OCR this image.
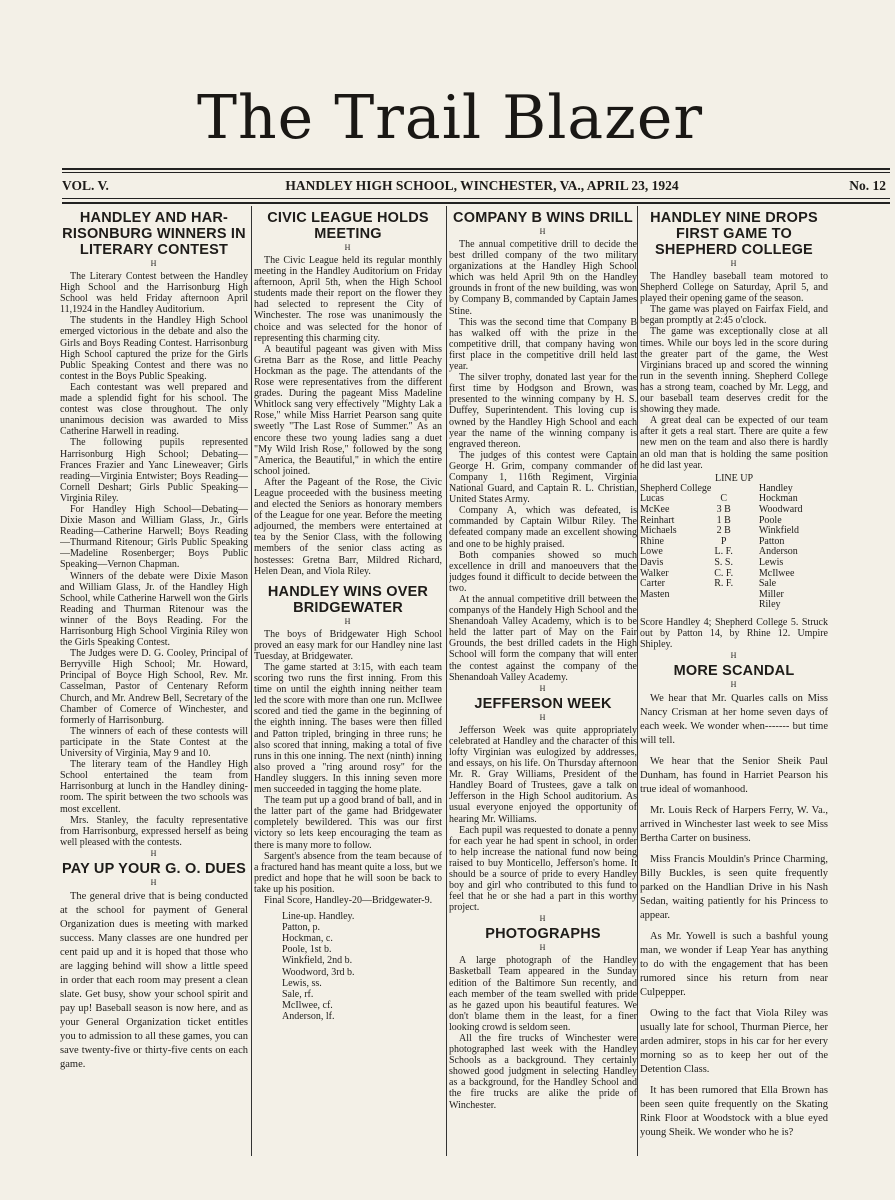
The Trail Blazer
VOL. V.	HANDLEY HIGH SCHOOL, WINCHESTER, VA., APRIL 23, 1924	No. 12
HANDLEY AND HAR-RISONBURG WINNERS IN LITERARY CONTEST
H

The Literary Contest between the Handley High School and the Harrisonburg High School was held Friday afternoon April 11,1924 in the Handley Auditorium.

The students in the Handley High School emerged victorious in the debate and also the Girls and Boys Reading Contest. Harrisonburg High School captured the prize for the Girls Public Speaking Contest and there was no contest in the Boys Public Speaking.

Each contestant was well prepared and made a splendid fight for his school. The contest was close throughout. The only unanimous decision was awarded to Miss Catherine Harwell in reading.

The following pupils represented Harrisonburg High School; Debating—Frances Frazier and Yanc Lineweaver; Girls reading—Virginia Entwister; Boys Reading—Cornell Deshart; Girls Public Speaking—Virginia Riley.

For Handley High School—Debating—Dixie Mason and William Glass, Jr., Girls Reading—Catherine Harwell; Boys Reading—Thurmand Ritenour; Girls Public Speaking—Madeline Rosenberger; Boys Public Speaking—Vernon Chapman.

Winners of the debate were Dixie Mason and William Glass, Jr. of the Handley High School, while Catherine Harwell won the Girls Reading and Thurman Ritenour was the winner of the Boys Reading. For the Harrisonburg High School Virginia Riley won the Girls Speaking Contest.

The Judges were D. G. Cooley, Principal of Berryville High School; Mr. Howard, Principal of Boyce High School, Rev. Mr. Casselman, Pastor of Centenary Reform Church, and Mr. Andrew Bell, Secretary of the Chamber of Comerce of Winchester, and formerly of Harrisonburg.

The winners of each of these contests will participate in the State Contest at the University of Virginia, May 9 and 10.

The literary team of the Handley High School entertained the team from Harrisonburg at lunch in the Handley dining-room. The spirit between the two schools was most excellent.

Mrs. Stanley, the faculty representative from Harrisonburg, expressed herself as being well pleased with the contests.

H
PAY UP YOUR G. O. DUES
H

The general drive that is being conducted at the school for payment of General Organization dues is meeting with marked success. Many classes are one hundred per cent paid up and it is hoped that those who are lagging behind will show a little speed in order that each room may present a clean slate. Get busy, show your school spirit and pay up! Baseball season is now here, and as your General Organization ticket entitles you to admission to all these games, you can save twenty-five or thirty-five cents on each game.

CIVIC LEAGUE HOLDS MEETING
H

The Civic League held its regular monthly meeting in the Handley Auditorium on Friday afternoon, April 5th, when the High School students made their report on the flower they had selected to represent the City of Winchester. The rose was unanimously the choice and was selected for the honor of representing this charming city.

A beautiful pageant was given with Miss Gretna Barr as the Rose, and little Peachy Hockman as the page. The attendants of the Rose were representatives from the different grades. During the pageant Miss Madeline Whitlock sang very effectively "Mighty Lak a Rose," while Miss Harriet Pearson sang quite sweetly "The Last Rose of Summer." As an encore these two young ladies sang a duet "My Wild Irish Rose," followed by the song "America, the Beautiful," in which the entire school joined.

After the Pageant of the Rose, the Civic League proceeded with the business meeting and elected the Seniors as honorary members of the League for one year. Before the meeting adjourned, the members were entertained at tea by the Senior Class, with the following members of the senior class acting as hostesses: Gretna Barr, Mildred Richard, Helen Dean, and Viola Riley.

HANDLEY WINS OVER BRIDGEWATER
H

The boys of Bridgewater High School proved an easy mark for our Handley nine last Tuesday, at Bridgewater.

The game started at 3:15, with each team scoring two runs the first inning. From this time on until the eighth inning neither team led the score with more than one run. McIlwee scored and tied the game in the beginning of the eighth inning. The bases were then filled and Patton tripled, bringing in three runs; he also scored that inning, making a total of five runs in this one inning. The next (ninth) inning also proved a "ring around rosy" for the Handley sluggers. In this inning seven more men succeeded in tagging the home plate.

The team put up a good brand of ball, and in the latter part of the game had Bridgewater completely bewildered. This was our first victory so lets keep encouraging the team as there is many more to follow.

Sargent's absence from the team because of a fractured hand has meant quite a loss, but we predict and hope that he will soon be back to take up his position.

Final Score, Handley-20—Bridgewater-9.

Line-up. Handley.

Patton, p.

Hockman, c.

Poole, 1st b.

Winkfield, 2nd b.

Woodword, 3rd b.

Lewis, ss.

Sale, rf.

McIlwee, cf.

Anderson, lf.

COMPANY B WINS DRILL
H

The annual competitive drill to decide the best drilled company of the two military organizations at the Handley High School which was held April 9th on the Handley grounds in front of the new building, was won by Company B, commanded by Captain James Stine.

This was the second time that Company B has walked off with the prize in the competitive drill, that company having won first place in the competitive drill held last year.

The silver trophy, donated last year for the first time by Hodgson and Brown, was presented to the winning company by H. S. Duffey, Superintendent. This loving cup is owned by the Handley High School and each year the name of the winning company is engraved thereon.

The judges of this contest were Captain George H. Grim, company commander of Company 1, 116th Regiment, Virginia National Guard, and Captain R. L. Christian, United States Army.

Company A, which was defeated, is commanded by Captain Wilbur Riley. The defeated company made an excellent showing and one to be highly praised.

Both companies showed so much excellence in drill and manoeuvers that the judges found it difficult to decide between the two.

At the annual competitive drill between the companys of the Handely High School and the Shenandoah Valley Academy, which is to be held the latter part of May on the Fair Grounds, the best drilled cadets in the High School will form the company that will enter the contest against the company of the Shenandoah Valley Academy.

H
JEFFERSON WEEK
H

Jefferson Week was quite appropriately celebrated at Handley and the character of this lofty Virginian was eulogized by addresses, and essays, on his life. On Thursday afternoon Mr. R. Gray Williams, President of the Handley Board of Trustees, gave a talk on Jefferson in the High School auditorium. As usual everyone enjoyed the opportunity of hearing Mr. Williams.

Each pupil was requested to donate a penny for each year he had spent in school, in order to help increase the national fund now being raised to buy Monticello, Jefferson's home. It should be a source of pride to every Handley boy and girl who contributed to this fund to feel that he or she had a part in this worthy project.

H
PHOTOGRAPHS
H

A large photograph of the Handley Basketball Team appeared in the Sunday edition of the Baltimore Sun recently, and each member of the team swelled with pride as he gazed upon his beautiful features. We don't blame them in the least, for a finer looking crowd is seldom seen.

All the fire trucks of Winchester were photographed last week with the Handley Schools as a background. They certainly showed good judgment in selecting Handley as a background, for the Handley School and the fire trucks are alike the pride of Winchester.

HANDLEY NINE DROPS FIRST GAME TO SHEPHERD COLLEGE
H

The Handley baseball team motored to Shepherd College on Saturday, April 5, and played their opening game of the season.

The game was played on Fairfax Field, and began promptly at 2:45 o'clock.

The game was exceptionally close at all times. While our boys led in the score during the greater part of the game, the West Virginians braced up and scored the winning run in the seventh inning. Shepherd College has a strong team, coached by Mr. Legg, and our baseball team deserves credit for the showing they made.

A great deal can be expected of our team after it gets a real start. There are quite a few new men on the team and also there is hardly an old man that is holding the same position he did last year.

LINE UP
Shepherd College		Handley
Lucas	C	Hockman
McKee	3 B	Woodward
Reinhart	1 B	Poole
Michaels	2 B	Winkfield
Rhine	P	Patton
Lowe	L. F.	Anderson
Davis	S. S.	Lewis
Walker	C. F.	McIlwee
Carter	R. F.	Sale
Masten		Miller
		Riley

Score Handley 4; Shepherd College 5. Struck out by Patton 14, by Rhine 12. Umpire Shipley.

H
MORE SCANDAL
H

We hear that Mr. Quarles calls on Miss Nancy Crisman at her home seven days of each week. We wonder when------- but time will tell.

We hear that the Senior Sheik Paul Dunham, has found in Harriet Pearson his true ideal of womanhood.

Mr. Louis Reck of Harpers Ferry, W. Va., arrived in Winchester last week to see Miss Bertha Carter on business.

Miss Francis Mouldin's Prince Charming, Billy Buckles, is seen quite frequently parked on the Handlian Drive in his Nash Sedan, waiting patiently for his Princess to appear.

As Mr. Yowell is such a bashful young man, we wonder if Leap Year has anything to do with the engagement that has been rumored since his return from near Culpepper.

Owing to the fact that Viola Riley was usually late for school, Thurman Pierce, her arden admirer, stops in his car for her every morning so as to keep her out of the Detention Class.

It has been rumored that Ella Brown has been seen quite frequently on the Skating Rink Floor at Woodstock with a blue eyed young Sheik. We wonder who he is?
